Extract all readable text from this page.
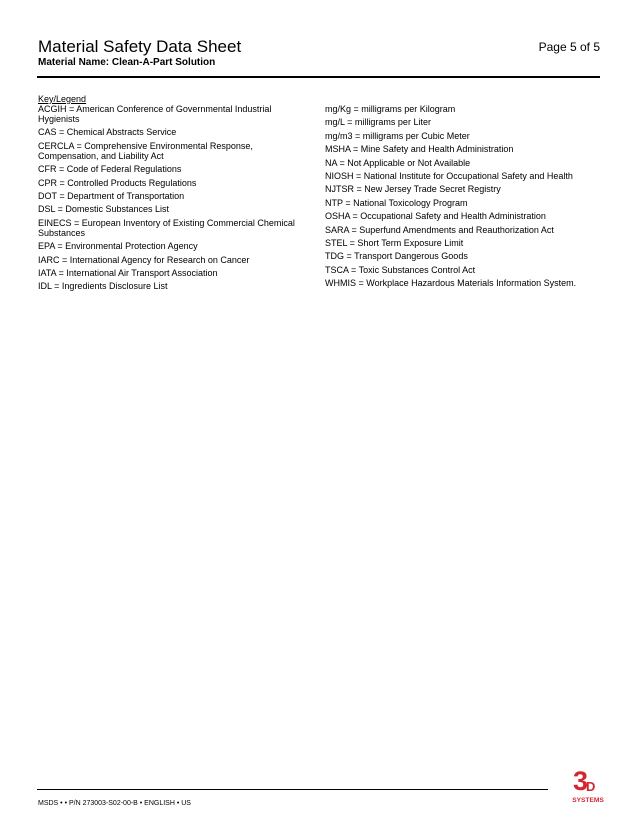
Material Safety Data Sheet	Page 5 of 5
Material Name: Clean-A-Part Solution
Key/Legend
ACGIH = American Conference of Governmental Industrial Hygienists
CAS = Chemical Abstracts Service
CERCLA = Comprehensive Environmental Response, Compensation, and Liability Act
CFR = Code of Federal Regulations
CPR = Controlled Products Regulations
DOT = Department of Transportation
DSL = Domestic Substances List
EINECS = European Inventory of Existing Commercial Chemical Substances
EPA = Environmental Protection Agency
IARC = International Agency for Research on Cancer
IATA = International Air Transport Association
IDL = Ingredients Disclosure List
mg/Kg = milligrams per Kilogram
mg/L = milligrams per Liter
mg/m3 = milligrams per Cubic Meter
MSHA = Mine Safety and Health Administration
NA = Not Applicable or Not Available
NIOSH = National Institute for Occupational Safety and Health
NJTSR = New Jersey Trade Secret Registry
NTP = National Toxicology Program
OSHA = Occupational Safety and Health Administration
SARA = Superfund Amendments and Reauthorization Act
STEL = Short Term Exposure Limit
TDG = Transport Dangerous Goods
TSCA = Toxic Substances Control Act
WHMIS = Workplace Hazardous Materials Information System.
MSDS • • P/N 273003-S02-00-B • ENGLISH • US
3
D
SYSTEMS
